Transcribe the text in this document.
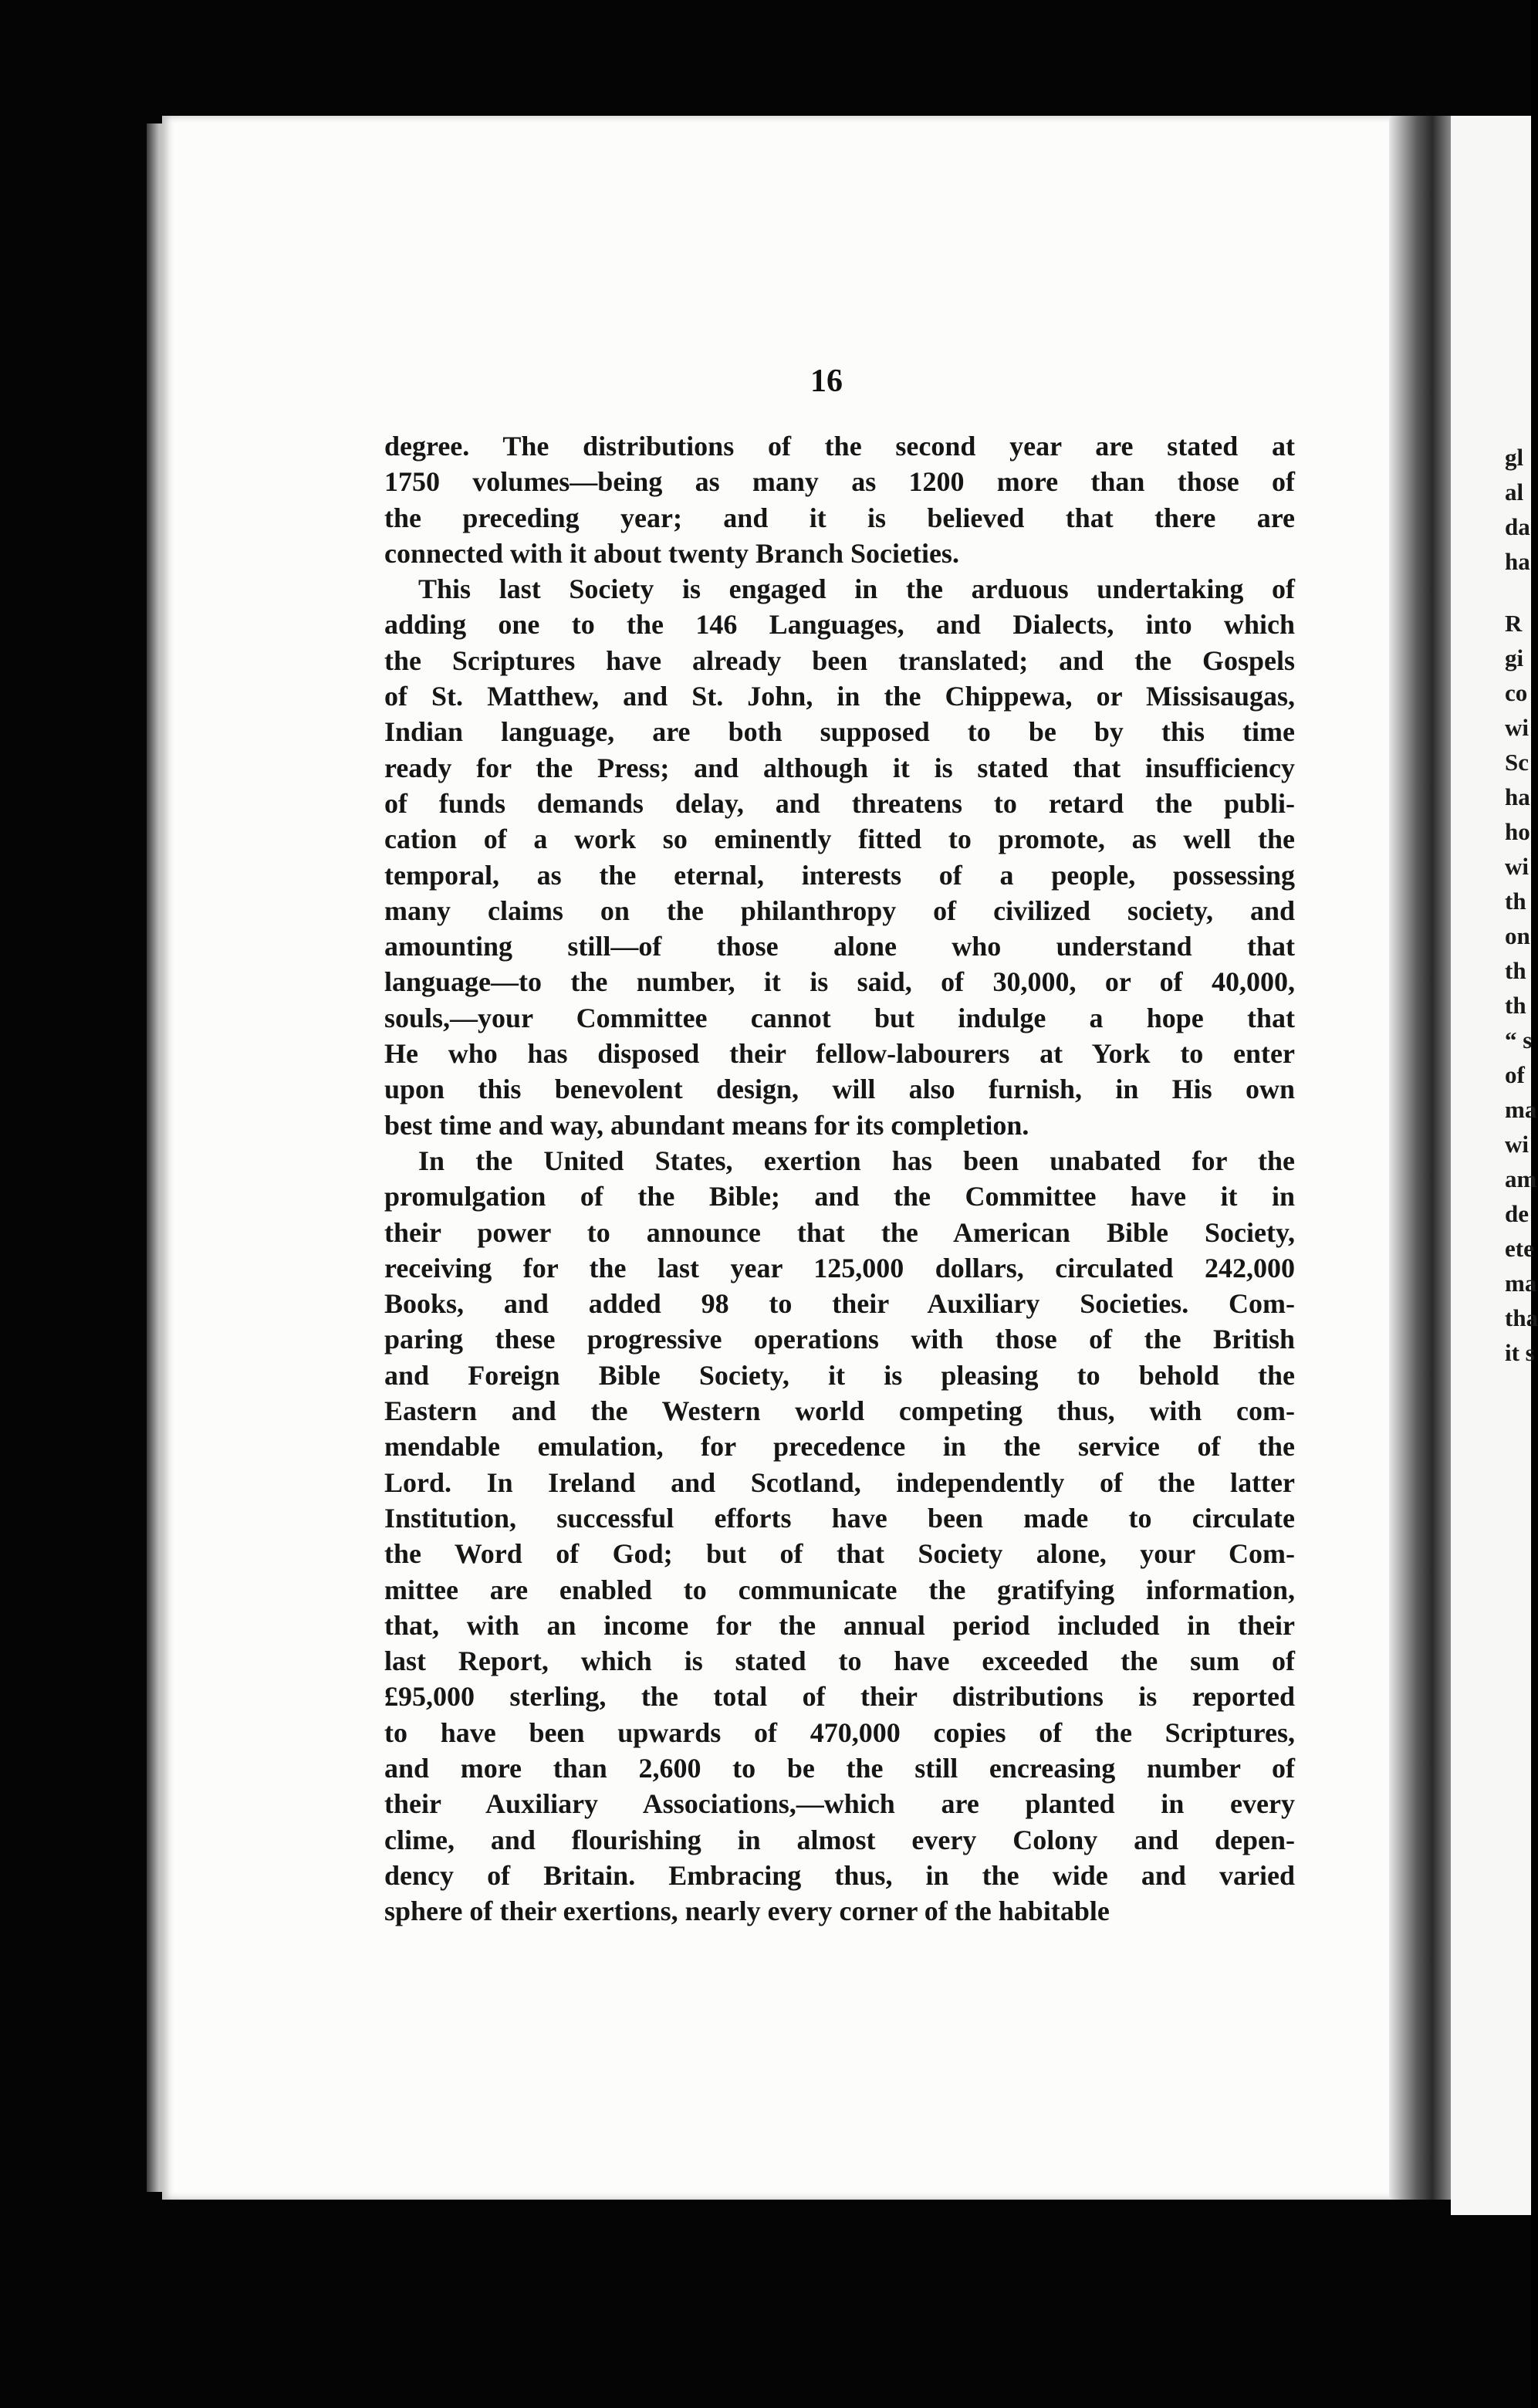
gl
al
da
ha
R
gi
co
wi
Sc
ha
ho
wi
th
on
th
th
“ s
of
ma
wi
am
de
ete
ma
tha
it s
16

degree. The distributions of the second year are stated at
1750 volumes—being as many as 1200 more than those of
the preceding year; and it is believed that there are
connected with it about twenty Branch Societies.

This last Society is engaged in the arduous undertaking of
adding one to the 146 Languages, and Dialects, into which
the Scriptures have already been translated; and the Gospels
of St. Matthew, and St. John, in the Chippewa, or Missisaugas,
Indian language, are both supposed to be by this time
ready for the Press; and although it is stated that insufficiency
of funds demands delay, and threatens to retard the publi-
cation of a work so eminently fitted to promote, as well the
temporal, as the eternal, interests of a people, possessing
many claims on the philanthropy of civilized society, and
amounting still—of those alone who understand that
language—to the number, it is said, of 30,000, or of 40,000,
souls,—your Committee cannot but indulge a hope that
He who has disposed their fellow-labourers at York to enter
upon this benevolent design, will also furnish, in His own
best time and way, abundant means for its completion.

In the United States, exertion has been unabated for the
promulgation of the Bible; and the Committee have it in
their power to announce that the American Bible Society,
receiving for the last year 125,000 dollars, circulated 242,000
Books, and added 98 to their Auxiliary Societies. Com-
paring these progressive operations with those of the British
and Foreign Bible Society, it is pleasing to behold the
Eastern and the Western world competing thus, with com-
mendable emulation, for precedence in the service of the
Lord. In Ireland and Scotland, independently of the latter
Institution, successful efforts have been made to circulate
the Word of God; but of that Society alone, your Com-
mittee are enabled to communicate the gratifying information,
that, with an income for the annual period included in their
last Report, which is stated to have exceeded the sum of
£95,000 sterling, the total of their distributions is reported
to have been upwards of 470,000 copies of the Scriptures,
and more than 2,600 to be the still encreasing number of
their Auxiliary Associations,—which are planted in every
clime, and flourishing in almost every Colony and depen-
dency of Britain. Embracing thus, in the wide and varied
sphere of their exertions, nearly every corner of the habitable
